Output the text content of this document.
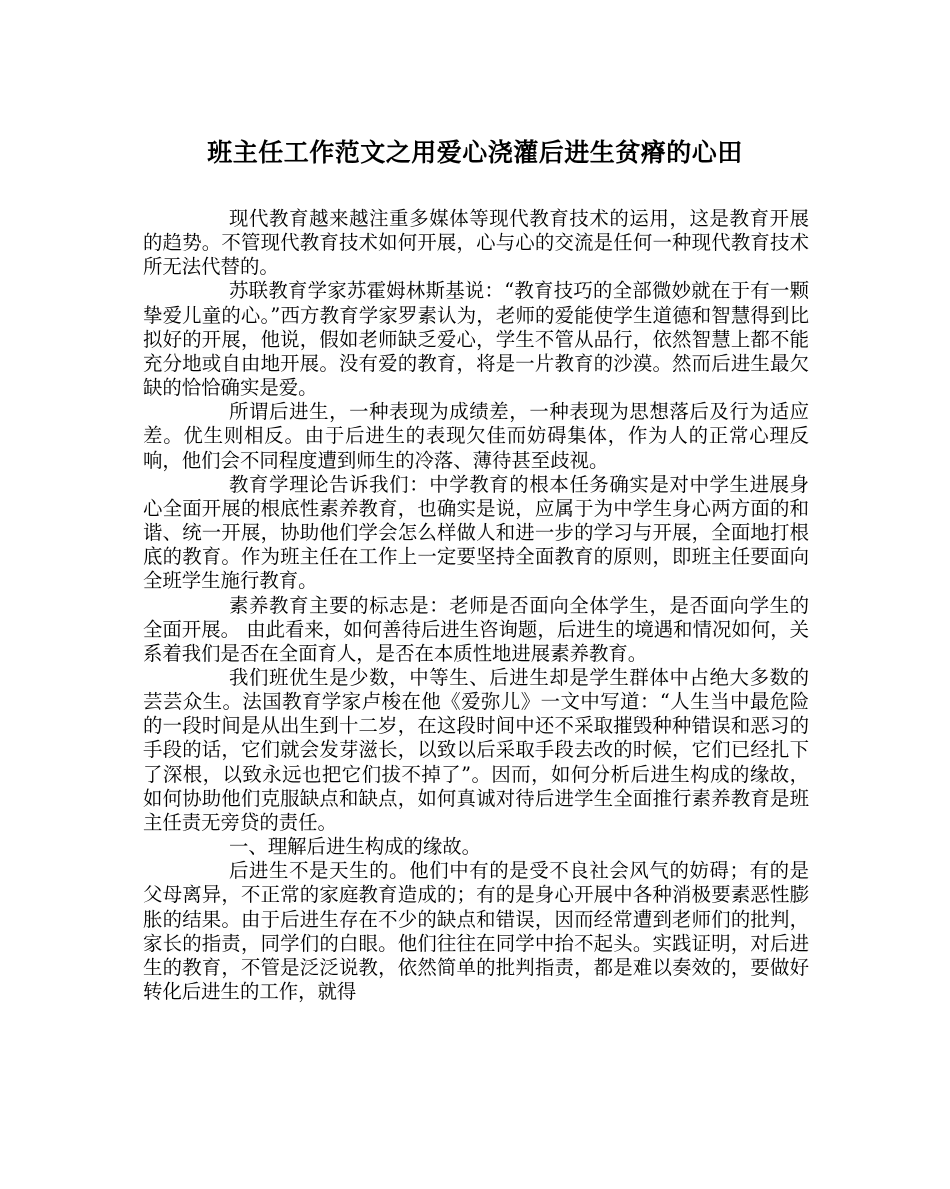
班主任工作范文之用爱心浇灌后进生贫瘠的心田

现代教育越来越注重多媒体等现代教育技术的运用，这是教育开展的趋势。不管现代教育技术如何开展，心与心的交流是任何一种现代教育技术所无法代替的。

苏联教育学家苏霍姆林斯基说：“教育技巧的全部微妙就在于有一颗挚爱儿童的心。”西方教育学家罗素认为，老师的爱能使学生道德和智慧得到比拟好的开展，他说，假如老师缺乏爱心，学生不管从品行，依然智慧上都不能充分地或自由地开展。没有爱的教育，将是一片教育的沙漠。然而后进生最欠缺的恰恰确实是爱。

所谓后进生，一种表现为成绩差，一种表现为思想落后及行为适应差。优生则相反。由于后进生的表现欠佳而妨碍集体，作为人的正常心理反响，他们会不同程度遭到师生的冷落、薄待甚至歧视。

教育学理论告诉我们：中学教育的根本任务确实是对中学生进展身心全面开展的根底性素养教育，也确实是说，应属于为中学生身心两方面的和谐、统一开展，协助他们学会怎么样做人和进一步的学习与开展，全面地打根底的教育。作为班主任在工作上一定要坚持全面教育的原则，即班主任要面向全班学生施行教育。

素养教育主要的标志是：老师是否面向全体学生，是否面向学生的全面开展。 由此看来，如何善待后进生咨询题，后进生的境遇和情况如何，关系着我们是否在全面育人，是否在本质性地进展素养教育。

我们班优生是少数，中等生、后进生却是学生群体中占绝大多数的芸芸众生。法国教育学家卢梭在他《爱弥儿》一文中写道：“人生当中最危险的一段时间是从出生到十二岁，在这段时间中还不采取摧毁种种错误和恶习的手段的话，它们就会发芽滋长，以致以后采取手段去改的时候，它们已经扎下了深根，以致永远也把它们拔不掉了”。因而，如何分析后进生构成的缘故，如何协助他们克服缺点和缺点，如何真诚对待后进学生全面推行素养教育是班主任责无旁贷的责任。

一、理解后进生构成的缘故。

后进生不是天生的。他们中有的是受不良社会风气的妨碍；有的是父母离异，不正常的家庭教育造成的；有的是身心开展中各种消极要素恶性膨胀的结果。由于后进生存在不少的缺点和错误，因而经常遭到老师们的批判，家长的指责，同学们的白眼。他们往往在同学中抬不起头。实践证明，对后进生的教育，不管是泛泛说教，依然简单的批判指责，都是难以奏效的，要做好转化后进生的工作，就得
